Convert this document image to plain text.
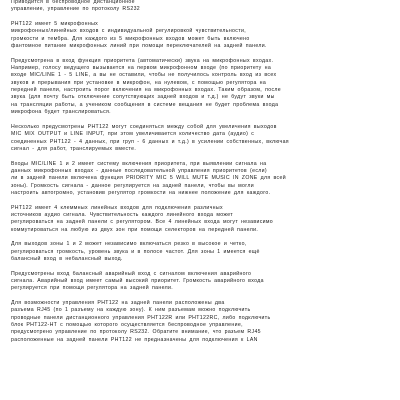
Приводится в беспроводное дистанционное
управление, управление по протоколу RS232

PHT122 имеет 5 микрофонных
микрофонных/линейных входов с индивидуальной регулировкой чувствительности,
громкости и тембра. Для каждого из 5 микрофонных входов может быть включено
фантомное питание микрофонных линий при помощи переключателей на задней панели.

Предусмотрена в вход функция приоритета (автоматически) звука на микрофонных входах.
Например, голосу ведущего вызывается на первом микрофонном входе (по приоритету на
входе MIC/LINE 1 - 5 LINE, а вы не оставили, чтобы не получилось контроль вход из всех
звуков и прерывания при установке в микрофон, на нулевом, с помощью регулятора на
передней панели, настроить порог включения на микрофонных входах. Таким образом, после
звука (для почту быть отключение сопутствующих задней входов и т.д.) не будут звуки мы
на трансляции работы, а учеником сообщения в системе вещания не будет проблема входа
микрофона будет транслироваться.

Несколько предусмотрены PHT122 могут соединяться между собой для увеличения выходов
MIC MIX OUTPUT и LINE INPUT, при этом увеличивается количество дата (аудио) с
соединенных PHT122 - 4 данных, при груп - 6 данных и т.д.) в усилении собственных, включая
сигнал - для работ, транслируемых вместе.

Входы MIC/LINE 1 и 2 имеет систему включения приоритета, при выявлении сигнала на
данных микрофонных входах - данные последовательной управления приоритетов (если)
ли в задней панели включена функция PRIORITY MIC 5 WILL MUTE MUSIC IN ZONE для всей
зоны). Громкость сигнала - данное регулируется на задней панели, чтобы вы могли
настроить автогромно, установив регулятор громкости на нижнее положение для каждого.

PHT122 имеет 4 клеммных линейных входов для подключения различных
источников аудио сигнала. Чувствительность каждого линейного входа может
регулироваться на задней панели с регулятором. Все 4 линейных входа могут независимо
коммутироваться на любую из двух зон при помощи селекторов на передней панели.

Для выходов зоны 1 и 2 может независимо включаться резко в высокое и четко,
регулироваться громкость, уровень звука и в полосе частот. Для зоны 1 имеется ещё
балансный вход в небалансный выход.

Предусмотрены вход балансный аварийный вход с сигналом включения аварийного
сигнала. Аварийный вход имеет самый высокий приоритет. Громкость аварийного входа
регулируется при помощи регулятора на задней панели.

Для возможности управления PHT122 на задней панели расположены два
разъема RJ45 (по 1 разъему на каждую зону). К ним разъемам можно подключить
проводные панели дистанционного управления PHT122R или PHT122RC, либо подключить
блок PHT122-HT с помощью которого осуществляется беспроводное управление,
предусмотрено управление по протоколу RS232. Обратите внимание, что разъем RJ45
расположенные на задней панели PHT122 не предназначены для подключения к LAN
